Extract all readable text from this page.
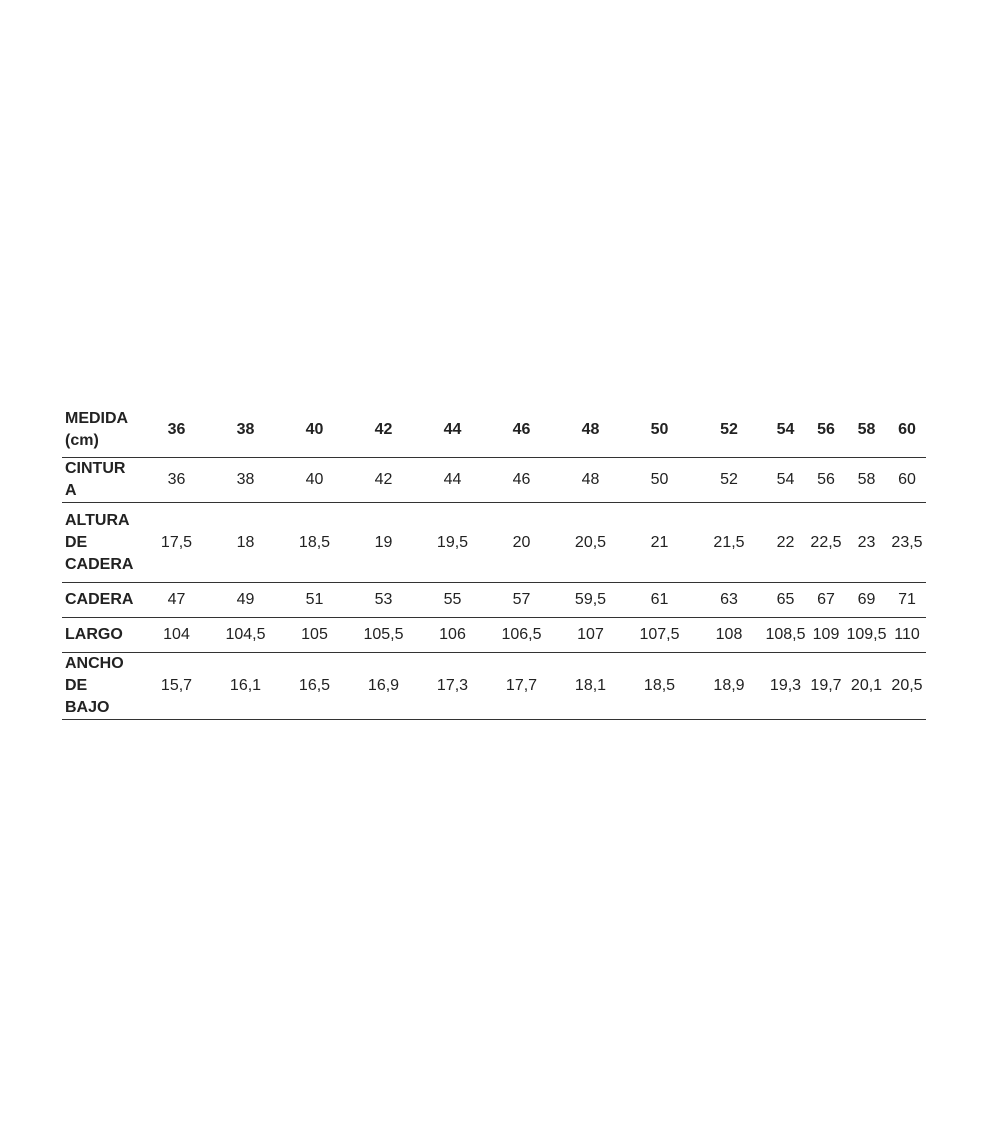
MEDIDA (cm)	36	38	40	42	44	46	48	50	52	54	56	58	60
CINTURA	36	38	40	42	44	46	48	50	52	54	56	58	60
ALTURA DE CADERA	17,5	18	18,5	19	19,5	20	20,5	21	21,5	22	22,5	23	23,5
CADERA	47	49	51	53	55	57	59,5	61	63	65	67	69	71
LARGO	104	104,5	105	105,5	106	106,5	107	107,5	108	108,5	109	109,5	110
ANCHO DE BAJO	15,7	16,1	16,5	16,9	17,3	17,7	18,1	18,5	18,9	19,3	19,7	20,1	20,5
